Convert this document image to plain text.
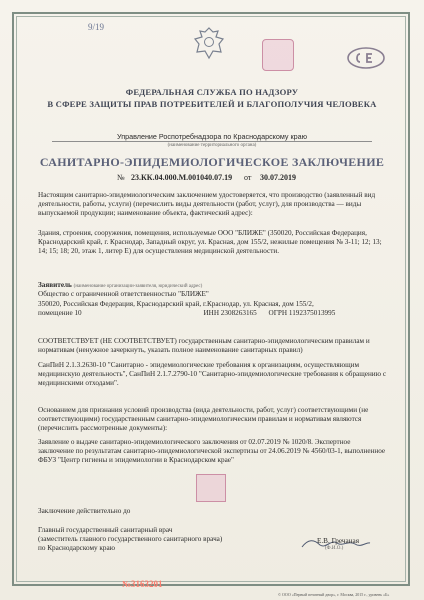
9/19
ФЕДЕРАЛЬНАЯ СЛУЖБА ПО НАДЗОРУ
В СФЕРЕ ЗАЩИТЫ ПРАВ ПОТРЕБИТЕЛЕЙ И БЛАГОПОЛУЧИЯ ЧЕЛОВЕКА
Управление Роспотребнадзора по Краснодарскому краю
(наименование территориального органа)
САНИТАРНО-ЭПИДЕМИОЛОГИЧЕСКОЕ ЗАКЛЮЧЕНИЕ
№ 23.КК.04.000.М.001040.07.19 от 30.07.2019
Настоящим санитарно-эпидемиологическим заключением удостоверяется, что производство (заявленный вид деятельности, работы, услуги) (перечислить виды деятельности (работ, услуг), для производства — виды выпускаемой продукции; наименование объекта, фактический адрес):
Здания, строения, сооружения, помещения, используемые ООО "БЛИЖЕ" (350020, Российская Федерация, Краснодарский край, г. Краснодар, Западный округ, ул. Красная, дом 155/2, нежилые помещения № 3-11; 12; 13; 14; 15; 18; 20, этаж 1, литер Е) для осуществления медицинской деятельности.
Заявитель (наименование организации-заявителя, юридический адрес)
Общество с ограниченной ответственностью "БЛИЖЕ"
350020, Российская Федерация, Краснодарский край, г.Краснодар, ул. Красная, дом 155/2,
помещение 10	ИНН 2308263165 ОГРН 1192375013995
СООТВЕТСТВУЕТ (НЕ СООТВЕТСТВУЕТ) государственным санитарно-эпидемиологическим правилам и нормативам (ненужное зачеркнуть, указать полное наименование санитарных правил)
СанПиН 2.1.3.2630-10 "Санитарно - эпидемиологические требования к организациям, осуществляющим медицинскую деятельность", СанПиН 2.1.7.2790-10 "Санитарно-эпидемиологические требования к обращению с медицинскими отходами".
Основанием для признания условий производства (вида деятельности, работ, услуг) соответствующими (не соответствующими) государственным санитарно-эпидемиологическим правилам и нормативам являются (перечислить рассмотренные документы):
Заявление о выдаче санитарно-эпидемиологического заключения от 02.07.2019 № 1020/8. Экспертное заключение по результатам санитарно-эпидемиологической экспертизы от 24.06.2019 № 4560/03-1, выполненное ФБУЗ "Центр гигиены и эпидемиологии в Краснодарском крае"
Заключение действительно до
Главный государственный санитарный врач
(заместитель главного государственного санитарного врача)
по Краснодарскому краю
Е.В. Гречаная
(Ф.И.О.)
№3163201
© ООО «Первый печатный двор», г. Москва, 2015 г., уровень «Б»
